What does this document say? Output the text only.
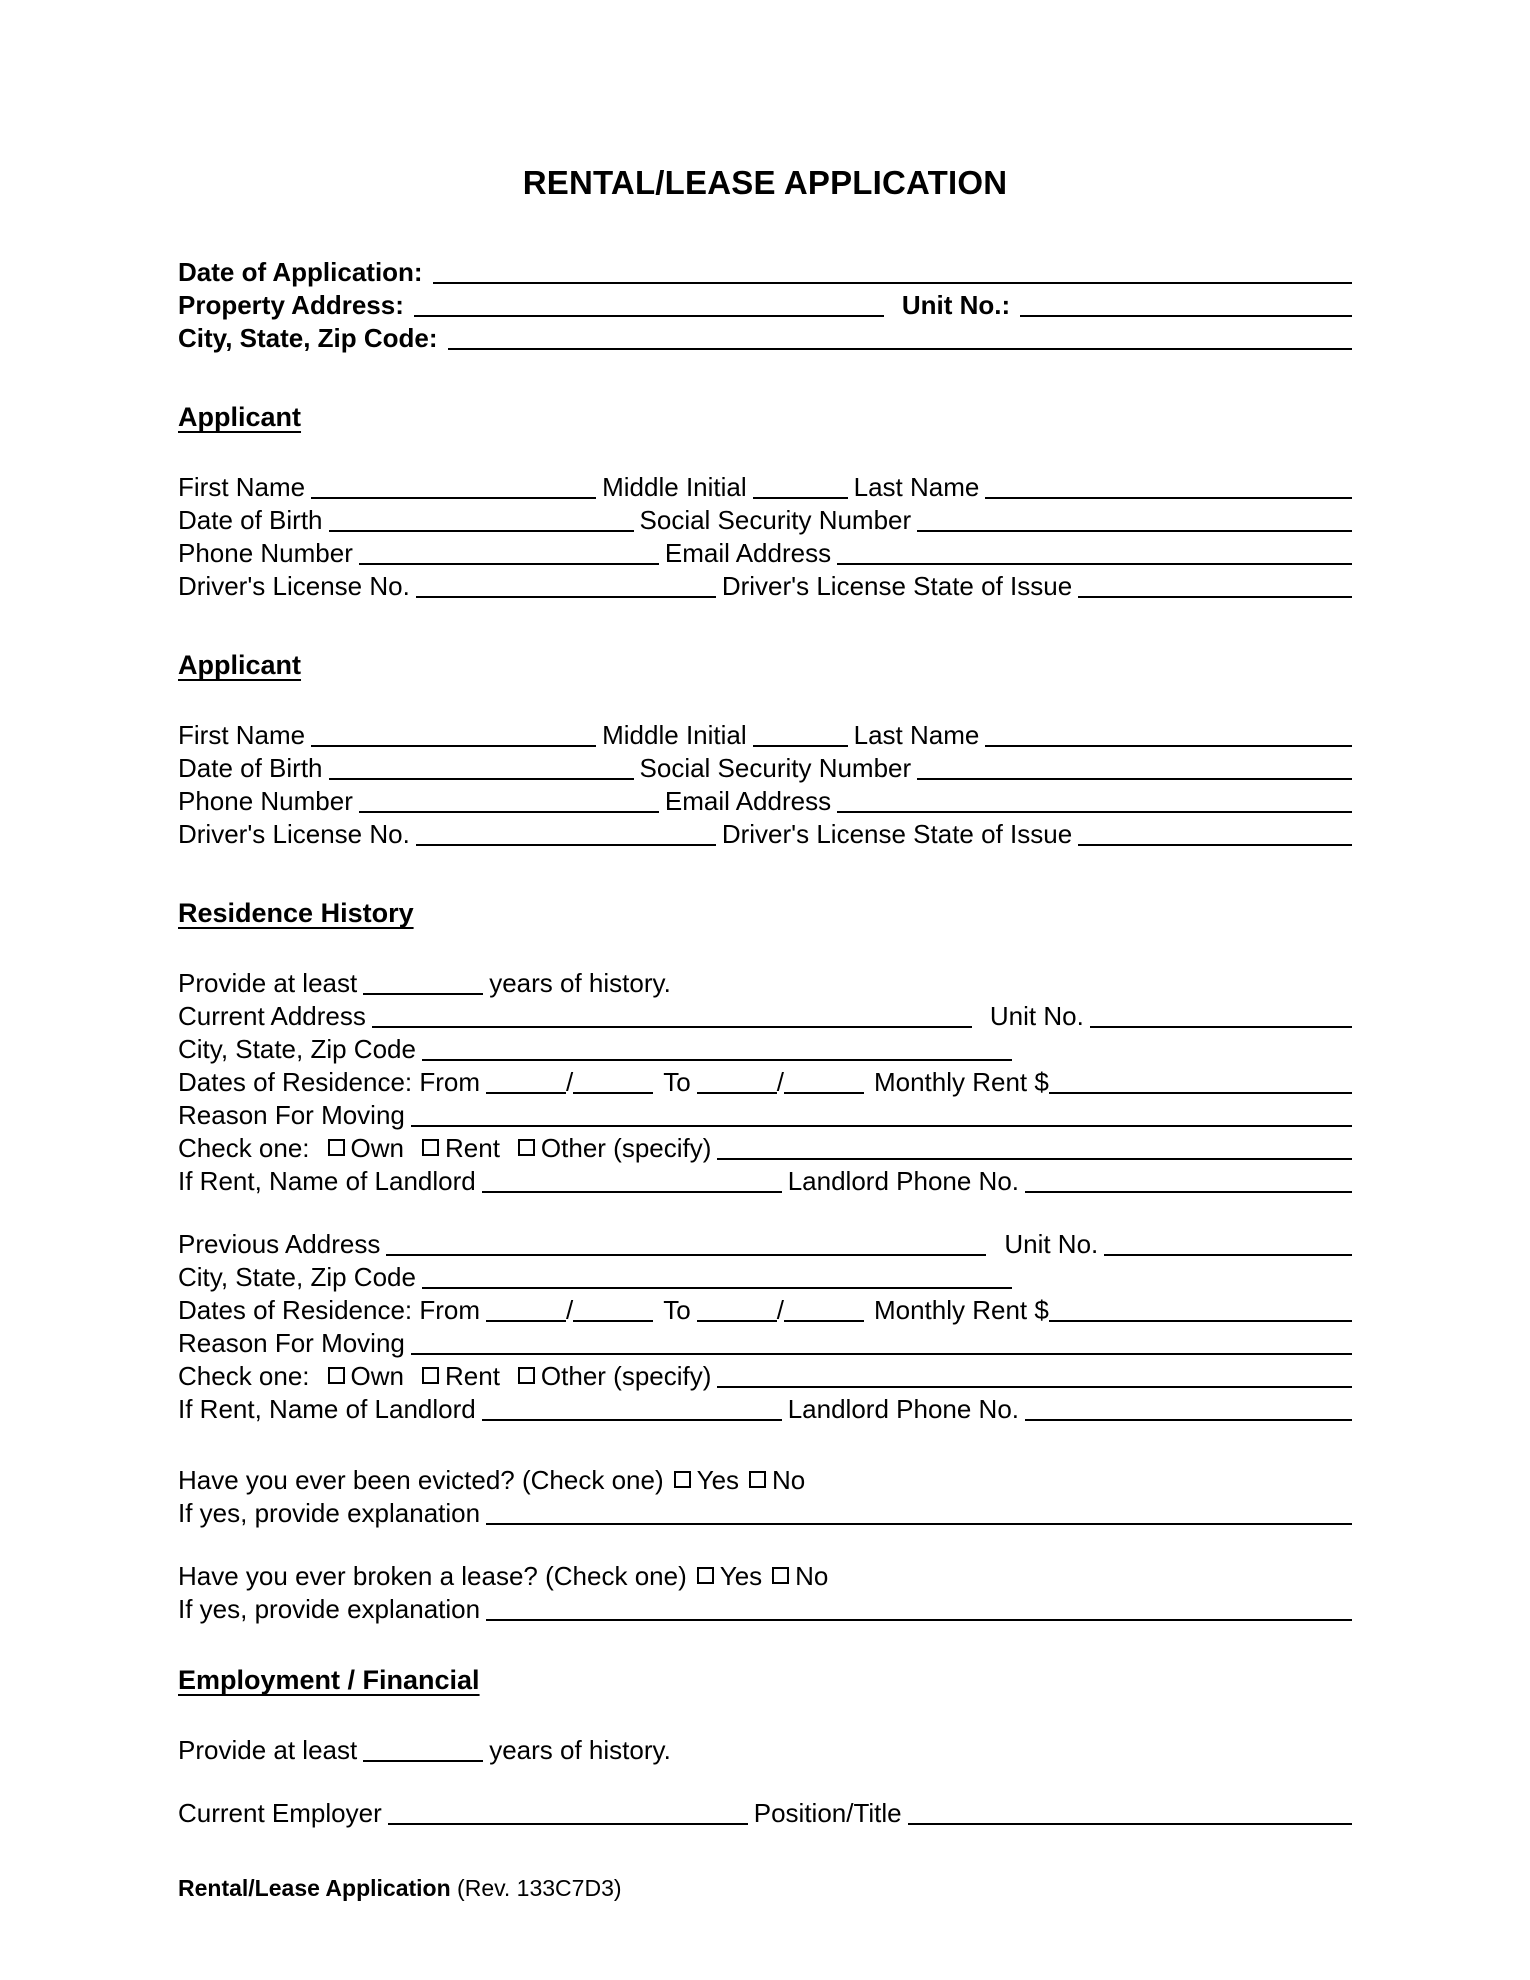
RENTAL/LEASE APPLICATION
Date of Application:
Property Address:	Unit No.:
City, State, Zip Code:
Applicant
First Name	Middle Initial	Last Name
Date of Birth	Social Security Number
Phone Number	Email Address
Driver's License No.	Driver's License State of Issue
Applicant
First Name	Middle Initial	Last Name
Date of Birth	Social Security Number
Phone Number	Email Address
Driver's License No.	Driver's License State of Issue
Residence History
Provide at least	years of history.
Current Address	Unit No.
City, State, Zip Code
Dates of Residence: From	/	To	/	Monthly Rent $
Reason For Moving
Check one: Own Rent Other (specify)
If Rent, Name of Landlord	Landlord Phone No.
Previous Address	Unit No.
City, State, Zip Code
Dates of Residence: From	/	To	/	Monthly Rent $
Reason For Moving
Check one: Own Rent Other (specify)
If Rent, Name of Landlord	Landlord Phone No.
Have you ever been evicted? (Check one) Yes No
If yes, provide explanation
Have you ever broken a lease? (Check one) Yes No
If yes, provide explanation
Employment / Financial
Provide at least	years of history.
Current Employer	Position/Title
Rental/Lease Application (Rev. 133C7D3)
